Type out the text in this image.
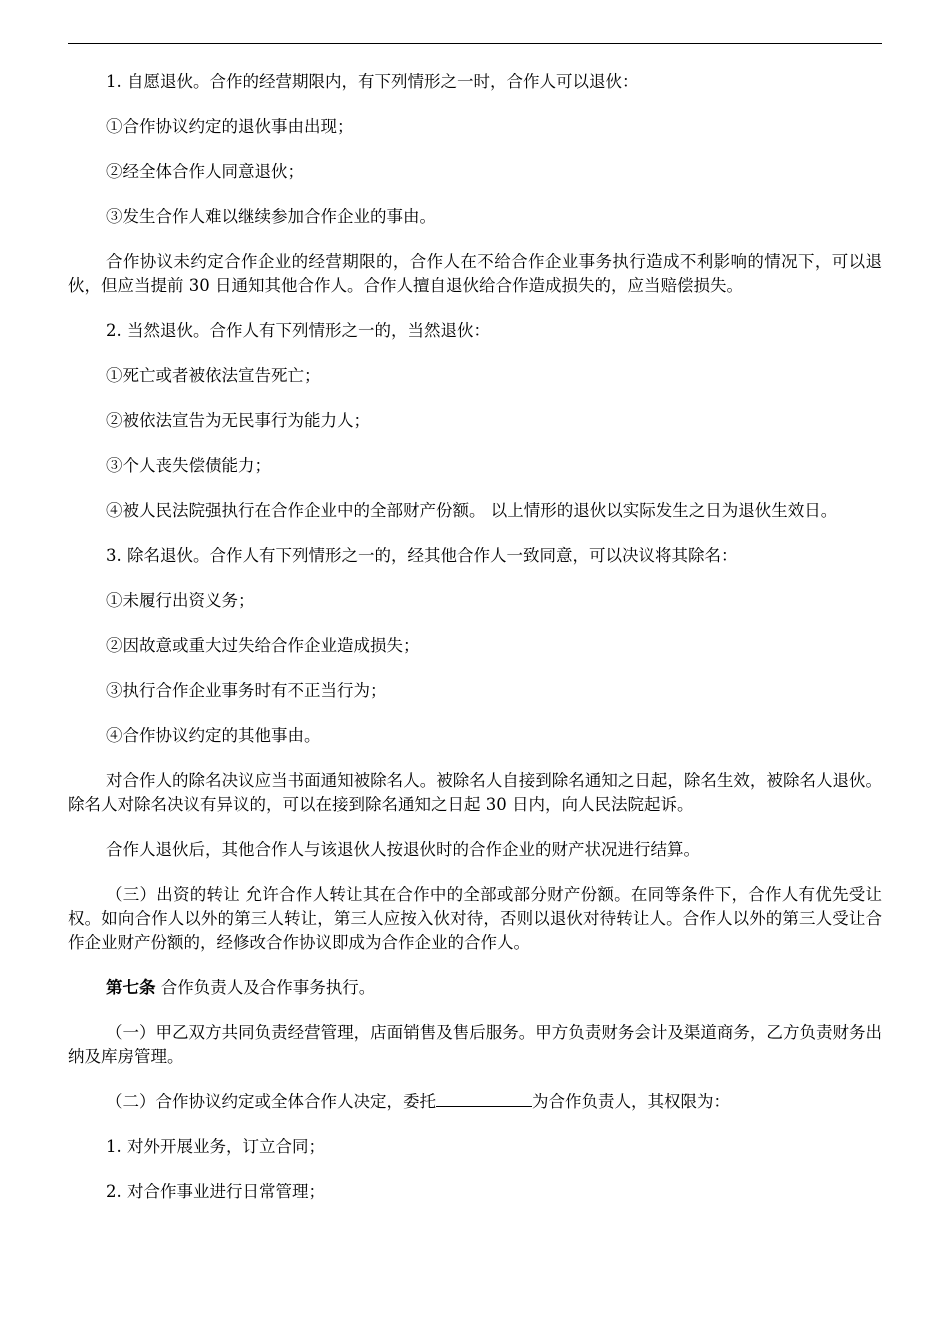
1. 自愿退伙。合作的经营期限内，有下列情形之一时，合作人可以退伙：

①合作协议约定的退伙事由出现；

②经全体合作人同意退伙；

③发生合作人难以继续参加合作企业的事由。

合作协议未约定合作企业的经营期限的，合作人在不给合作企业事务执行造成不利影响的情况下，可以退伙，但应当提前 30 日通知其他合作人。合作人擅自退伙给合作造成损失的，应当赔偿损失。

2. 当然退伙。合作人有下列情形之一的，当然退伙：

①死亡或者被依法宣告死亡；

②被依法宣告为无民事行为能力人；

③个人丧失偿债能力；

④被人民法院强执行在合作企业中的全部财产份额。 以上情形的退伙以实际发生之日为退伙生效日。

3. 除名退伙。合作人有下列情形之一的，经其他合作人一致同意，可以决议将其除名：

①未履行出资义务；

②因故意或重大过失给合作企业造成损失；

③执行合作企业事务时有不正当行为；

④合作协议约定的其他事由。

对合作人的除名决议应当书面通知被除名人。被除名人自接到除名通知之日起，除名生效，被除名人退伙。除名人对除名决议有异议的，可以在接到除名通知之日起 30 日内，向人民法院起诉。

合作人退伙后，其他合作人与该退伙人按退伙时的合作企业的财产状况进行结算。

（三）出资的转让 允许合作人转让其在合作中的全部或部分财产份额。在同等条件下，合作人有优先受让权。如向合作人以外的第三人转让，第三人应按入伙对待，否则以退伙对待转让人。合作人以外的第三人受让合作企业财产份额的，经修改合作协议即成为合作企业的合作人。

第七条 合作负责人及合作事务执行。

（一）甲乙双方共同负责经营管理，店面销售及售后服务。甲方负责财务会计及渠道商务，乙方负责财务出纳及库房管理。

（二）合作协议约定或全体合作人决定，委托	为合作负责人，其权限为：

1. 对外开展业务，订立合同；

2. 对合作事业进行日常管理；
